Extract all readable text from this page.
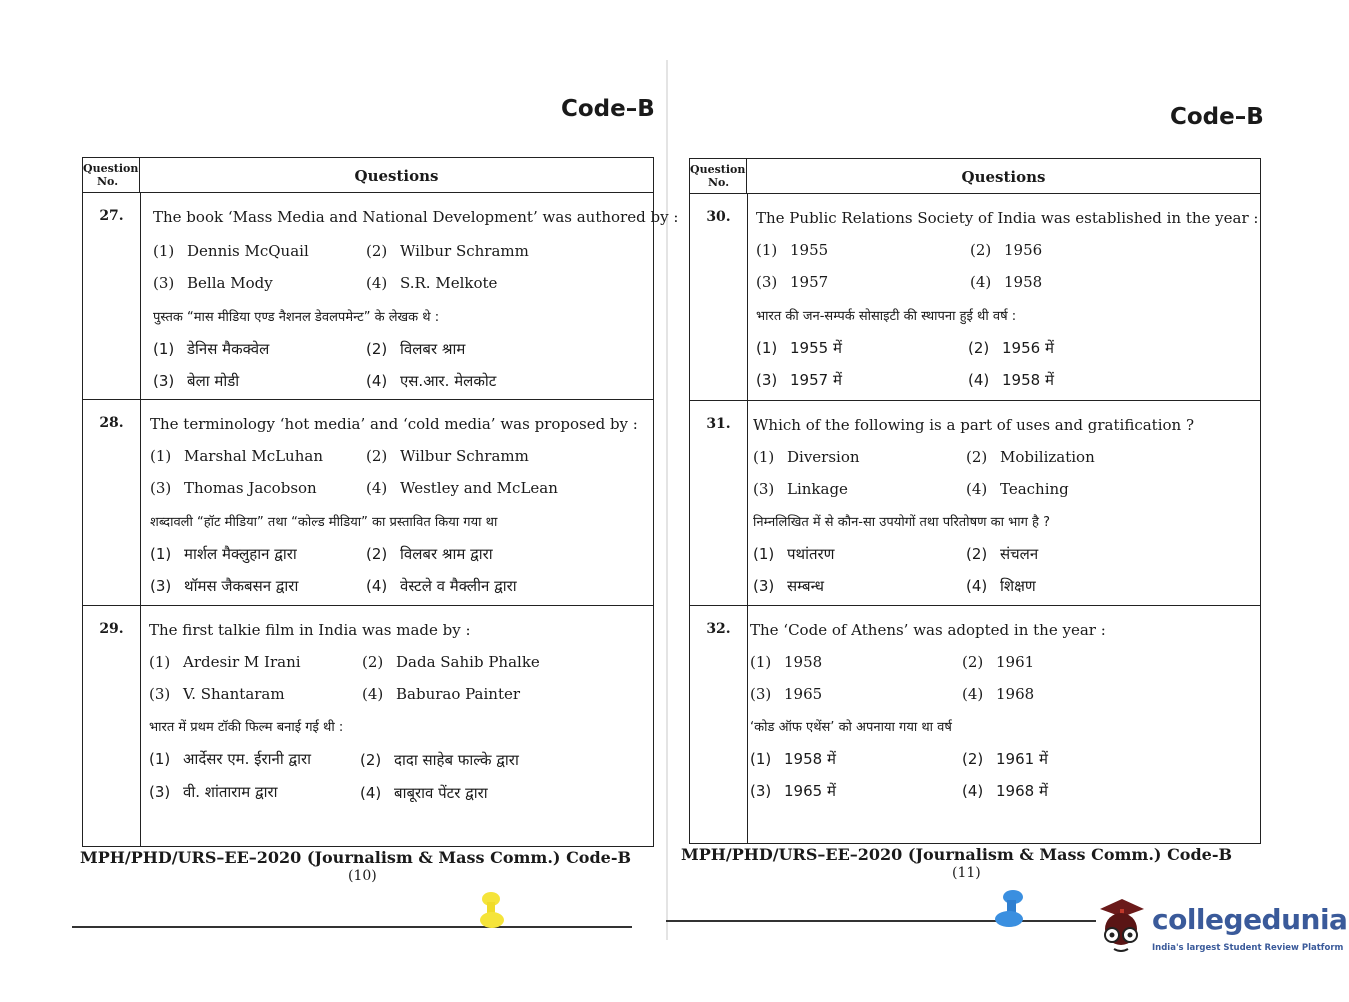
Code–B
Question
No.	Questions
27.	The book ‘Mass Media and National Development’ was authored by :
(1) Dennis McQuail	(2) Wilbur Schramm
(3) Bella Mody	(4) S.R. Melkote
पुस्तक “मास मीडिया एण्ड नैशनल डेवलपमेन्ट” के लेखक थे :
(1) डेनिस मैकक्वेल	(2) विलबर श्राम
(3) बेला मोडी	(4) एस.आर. मेलकोट
28.	The terminology ‘hot media’ and ‘cold media’ was proposed by :
(1) Marshal McLuhan	(2) Wilbur Schramm
(3) Thomas Jacobson	(4) Westley and McLean
शब्दावली “हॉट मीडिया” तथा “कोल्ड मीडिया” का प्रस्तावित किया गया था
(1) मार्शल मैक्लुहान द्वारा	(2) विलबर श्राम द्वारा
(3) थॉमस जैकबसन द्वारा	(4) वेस्टले व मैक्लीन द्वारा
29.	The first talkie film in India was made by :
(1) Ardesir M Irani	(2) Dada Sahib Phalke
(3) V. Shantaram	(4) Baburao Painter
भारत में प्रथम टॉकी फिल्म बनाई गई थी :
(1) आर्देसर एम. ईरानी द्वारा	(2) दादा साहेब फाल्के द्वारा
(3) वी. शांताराम द्वारा	(4) बाबूराव पेंटर द्वारा
MPH/PHD/URS–EE–2020 (Journalism & Mass Comm.) Code-B
(10)
Code–B
Question
No.	Questions
30.	The Public Relations Society of India was established in the year :
(1) 1955	(2) 1956
(3) 1957	(4) 1958
भारत की जन-सम्पर्क सोसाइटी की स्थापना हुई थी वर्ष :
(1) 1955 में	(2) 1956 में
(3) 1957 में	(4) 1958 में
31.	Which of the following is a part of uses and gratification ?
(1) Diversion	(2) Mobilization
(3) Linkage	(4) Teaching
निम्नलिखित में से कौन-सा उपयोगों तथा परितोषण का भाग है ?
(1) पथांतरण	(2) संचलन
(3) सम्बन्ध	(4) शिक्षण
32.	The ‘Code of Athens’ was adopted in the year :
(1) 1958	(2) 1961
(3) 1965	(4) 1968
‘कोड ऑफ एथेंस’ को अपनाया गया था वर्ष
(1) 1958 में	(2) 1961 में
(3) 1965 में	(4) 1968 में
MPH/PHD/URS–EE–2020 (Journalism & Mass Comm.) Code-B
(11)
collegedunia
India's largest Student Review Platform
